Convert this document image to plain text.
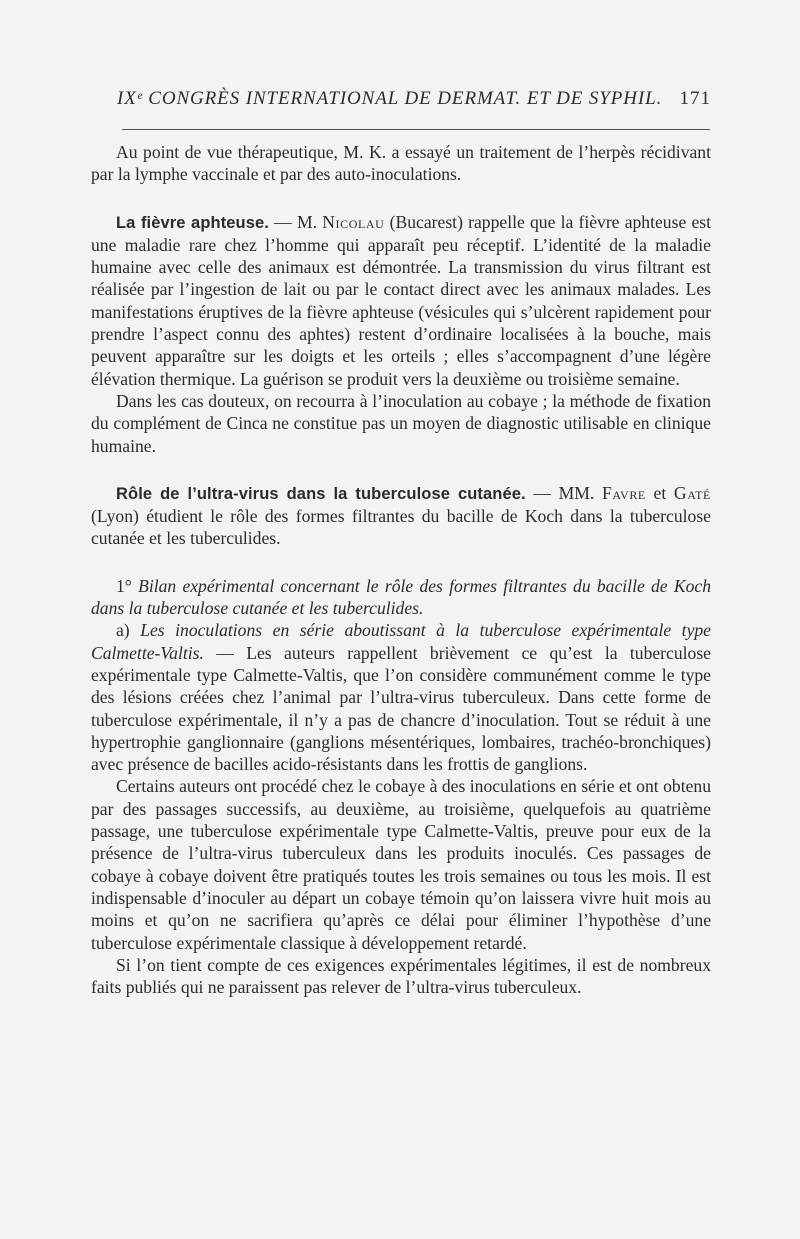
IXᵉ CONGRÈS INTERNATIONAL DE DERMAT. ET DE SYPHIL. 171

Au point de vue thérapeutique, M. K. a essayé un traitement de l’herpès récidivant par la lymphe vaccinale et par des auto-inoculations.

La fièvre aphteuse. — M. Nicolau (Bucarest) rappelle que la fièvre aphteuse est une maladie rare chez l’homme qui apparaît peu réceptif. L’identité de la maladie humaine avec celle des animaux est démontrée. La transmission du virus filtrant est réalisée par l’ingestion de lait ou par le contact direct avec les animaux malades. Les manifestations éruptives de la fièvre aphteuse (vésicules qui s’ulcèrent rapidement pour prendre l’aspect connu des aphtes) restent d’ordinaire localisées à la bouche, mais peuvent apparaître sur les doigts et les orteils ; elles s’accompagnent d’une légère élévation thermique. La guérison se produit vers la deuxième ou troisième semaine.

Dans les cas douteux, on recourra à l’inoculation au cobaye ; la méthode de fixation du complément de Cinca ne constitue pas un moyen de diagnostic utilisable en clinique humaine.

Rôle de l’ultra-virus dans la tuberculose cutanée. — MM. Favre et Gaté (Lyon) étudient le rôle des formes filtrantes du bacille de Koch dans la tuberculose cutanée et les tuberculides.

1° Bilan expérimental concernant le rôle des formes filtrantes du bacille de Koch dans la tuberculose cutanée et les tuberculides.

a) Les inoculations en série aboutissant à la tuberculose expérimentale type Calmette-Valtis. — Les auteurs rappellent brièvement ce qu’est la tuberculose expérimentale type Calmette-Valtis, que l’on considère communément comme le type des lésions créées chez l’animal par l’ultra-virus tuberculeux. Dans cette forme de tuberculose expérimentale, il n’y a pas de chancre d’inoculation. Tout se réduit à une hypertrophie ganglionnaire (ganglions mésentériques, lombaires, trachéo-bronchiques) avec présence de bacilles acido-résistants dans les frottis de ganglions.

Certains auteurs ont procédé chez le cobaye à des inoculations en série et ont obtenu par des passages successifs, au deuxième, au troisième, quelquefois au quatrième passage, une tuberculose expérimentale type Calmette-Valtis, preuve pour eux de la présence de l’ultra-virus tuberculeux dans les produits inoculés. Ces passages de cobaye à cobaye doivent être pratiqués toutes les trois semaines ou tous les mois. Il est indispensable d’inoculer au départ un cobaye témoin qu’on laissera vivre huit mois au moins et qu’on ne sacrifiera qu’après ce délai pour éliminer l’hypothèse d’une tuberculose expérimentale classique à développement retardé.

Si l’on tient compte de ces exigences expérimentales légitimes, il est de nombreux faits publiés qui ne paraissent pas relever de l’ultra-virus tuberculeux.
